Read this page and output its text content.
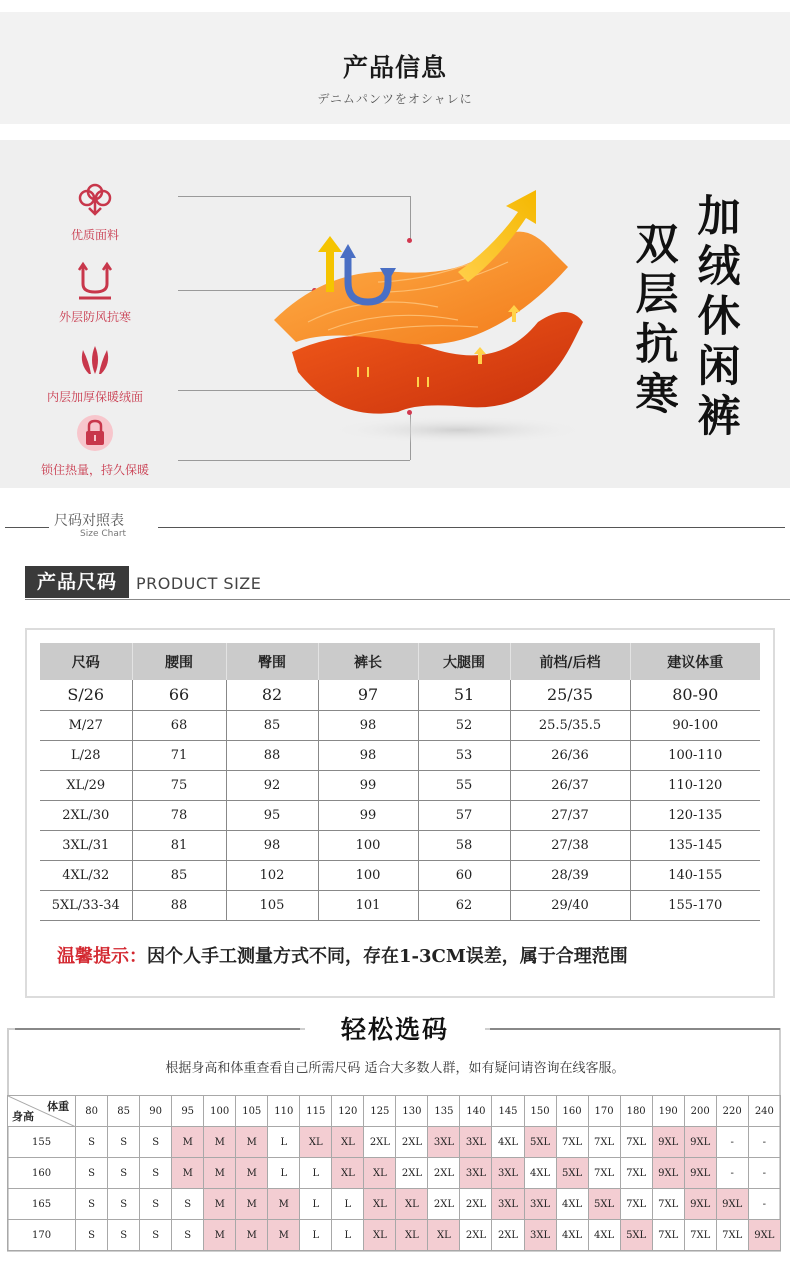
产品信息
デニムパンツをオシャレに
优质面料
外层防风抗寒
内层加厚保暖绒面
锁住热量，持久保暖
双
层
抗
寒
加
绒
休
闲
裤
尺码对照表
Size Chart
产品尺码	PRODUCT SIZE
尺码	腰围	臀围	裤长	大腿围	前档/后档	建议体重
S/26	66	82	97	51	25/35	80-90
M/27	68	85	98	52	25.5/35.5	90-100
L/28	71	88	98	53	26/36	100-110
XL/29	75	92	99	55	26/37	110-120
2XL/30	78	95	99	57	27/37	120-135
3XL/31	81	98	100	58	27/38	135-145
4XL/32	85	102	100	60	28/39	140-155
5XL/33-34	88	105	101	62	29/40	155-170
温馨提示：因个人手工测量方式不同，存在1-3CM误差，属于合理范围
轻松选码
根据身高和体重查看自己所需尺码 适合大多数人群，如有疑问请咨询在线客服。
体重
身高	80	85	90	95	100	105	110	115	120	125	130	135	140	145	150	160	170	180	190	200	220	240
155	S	S	S	M	M	M	L	XL	XL	2XL	2XL	3XL	3XL	4XL	5XL	7XL	7XL	7XL	9XL	9XL	-	-
160	S	S	S	M	M	M	L	L	XL	XL	2XL	2XL	3XL	3XL	4XL	5XL	7XL	7XL	9XL	9XL	-	-
165	S	S	S	S	M	M	M	L	L	XL	XL	2XL	2XL	3XL	3XL	4XL	5XL	7XL	7XL	9XL	9XL	-
170	S	S	S	S	M	M	M	L	L	XL	XL	XL	2XL	2XL	3XL	4XL	4XL	5XL	7XL	7XL	7XL	9XL
